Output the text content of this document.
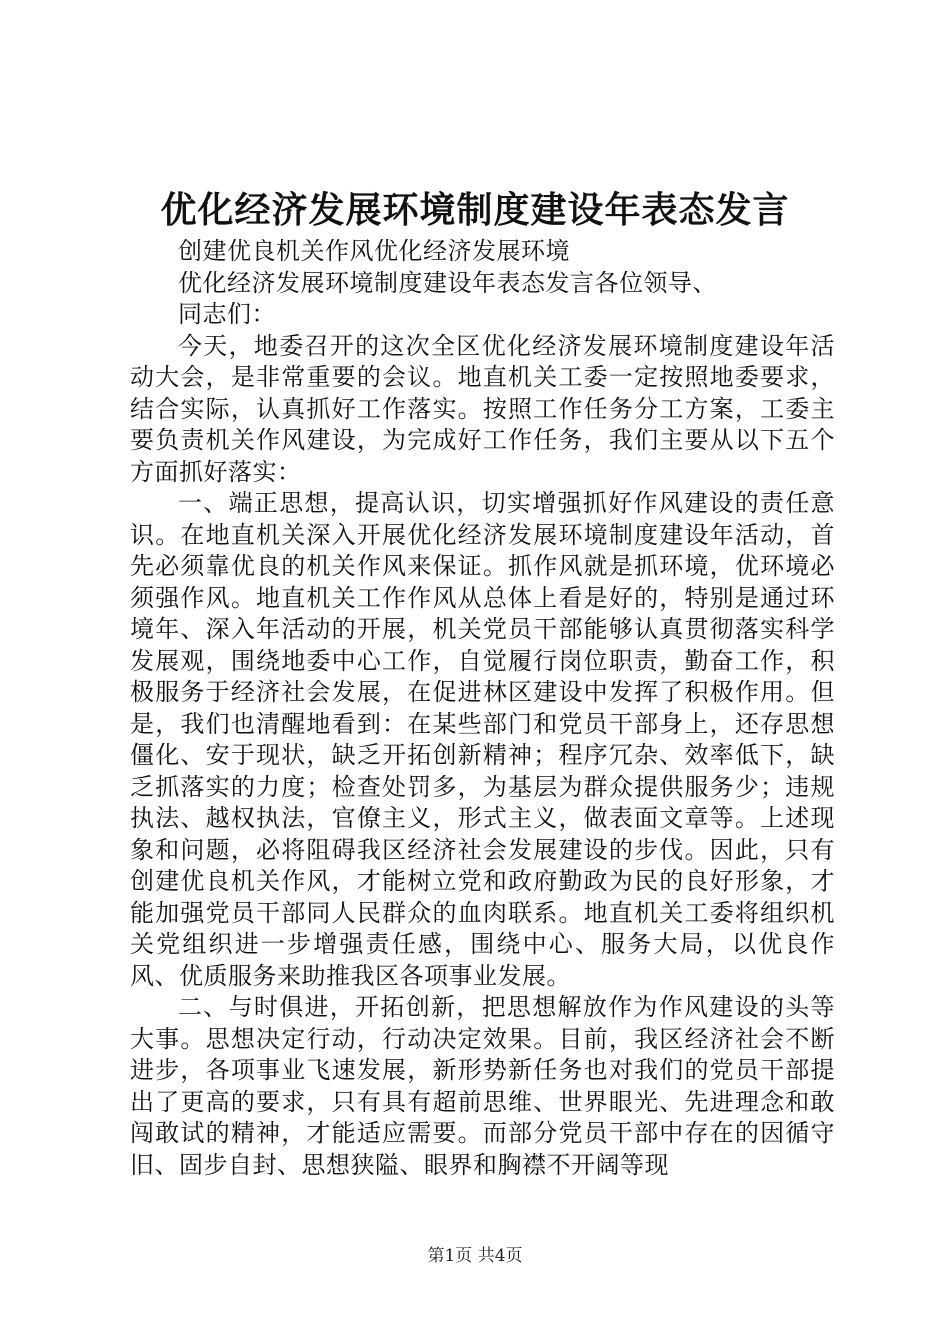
优化经济发展环境制度建设年表态发言

创建优良机关作风优化经济发展环境

优化经济发展环境制度建设年表态发言各位领导、

同志们：

今天，地委召开的这次全区优化经济发展环境制度建设年活动大会，是非常重要的会议。地直机关工委一定按照地委要求，结合实际，认真抓好工作落实。按照工作任务分工方案，工委主要负责机关作风建设，为完成好工作任务，我们主要从以下五个方面抓好落实：

一、端正思想，提高认识，切实增强抓好作风建设的责任意识。在地直机关深入开展优化经济发展环境制度建设年活动，首先必须靠优良的机关作风来保证。抓作风就是抓环境，优环境必须强作风。地直机关工作作风从总体上看是好的，特别是通过环境年、深入年活动的开展，机关党员干部能够认真贯彻落实科学发展观，围绕地委中心工作，自觉履行岗位职责，勤奋工作，积极服务于经济社会发展，在促进林区建设中发挥了积极作用。但是，我们也清醒地看到：在某些部门和党员干部身上，还存思想僵化、安于现状，缺乏开拓创新精神；程序冗杂、效率低下，缺乏抓落实的力度；检查处罚多，为基层为群众提供服务少；违规执法、越权执法，官僚主义，形式主义，做表面文章等。上述现象和问题，必将阻碍我区经济社会发展建设的步伐。因此，只有创建优良机关作风，才能树立党和政府勤政为民的良好形象，才能加强党员干部同人民群众的血肉联系。地直机关工委将组织机关党组织进一步增强责任感，围绕中心、服务大局，以优良作风、优质服务来助推我区各项事业发展。

二、与时俱进，开拓创新，把思想解放作为作风建设的头等大事。思想决定行动，行动决定效果。目前，我区经济社会不断进步，各项事业飞速发展，新形势新任务也对我们的党员干部提出了更高的要求，只有具有超前思维、世界眼光、先进理念和敢闯敢试的精神，才能适应需要。而部分党员干部中存在的因循守旧、固步自封、思想狭隘、眼界和胸襟不开阔等现

第1页 共4页
